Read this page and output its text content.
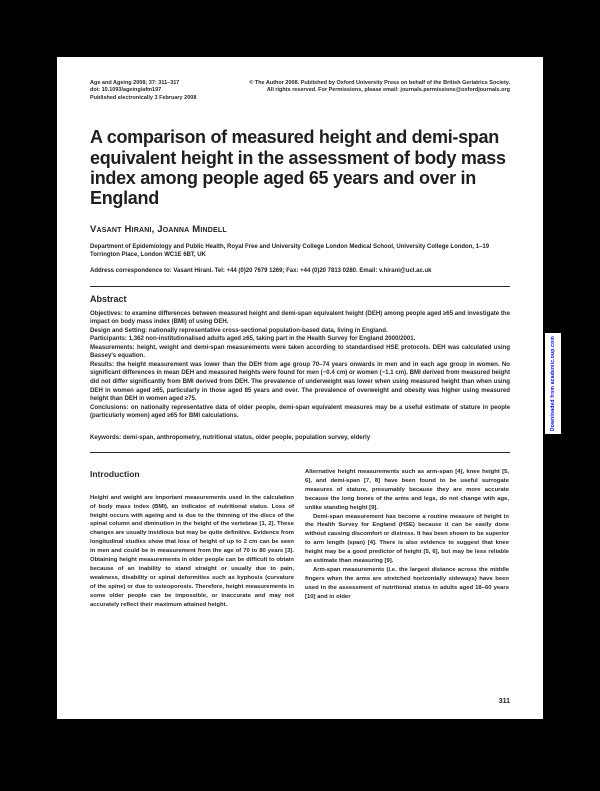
Age and Ageing 2008; 37: 311–317
doi: 10.1093/ageing/afm197
Published electronically 3 February 2008
© The Author 2008. Published by Oxford University Press on behalf of the British Geriatrics Society.
All rights reserved. For Permissions, please email: journals.permissions@oxfordjournals.org
A comparison of measured height and demi-span equivalent height in the assessment of body mass index among people aged 65 years and over in England
Vasant Hirani, Joanna Mindell
Department of Epidemiology and Public Health, Royal Free and University College London Medical School, University College London, 1–19 Torrington Place, London WC1E 6BT, UK
Address correspondence to: Vasant Hirani. Tel: +44 (0)20 7679 1269; Fax: +44 (0)20 7813 0280. Email: v.hirani@ucl.ac.uk
Abstract

Objectives: to examine differences between measured height and demi-span equivalent height (DEH) among people aged ≥65 and investigate the impact on body mass index (BMI) of using DEH.

Design and Setting: nationally representative cross-sectional population-based data, living in England.

Participants: 1,362 non-institutionalised adults aged ≥65, taking part in the Health Survey for England 2000/2001.

Measurements: height, weight and demi-span measurements were taken according to standardised HSE protocols. DEH was calculated using Bassey's equation.

Results: the height measurement was lower than the DEH from age group 70–74 years onwards in men and in each age group in women. No significant differences in mean DEH and measured heights were found for men (−0.4 cm) or women (−1.1 cm). BMI derived from measured height did not differ significantly from BMI derived from DEH. The prevalence of underweight was lower when using measured height than when using DEH in women aged ≥65, particularly in those aged 85 years and over. The prevalence of overweight and obesity was higher using measured height than DEH in women aged ≥75.

Conclusions: on nationally representative data of older people, demi-span equivalent measures may be a useful estimate of stature in people (particularly women) aged ≥65 for BMI calculations.

Keywords: demi-span, anthropometry, nutritional status, older people, population survey, elderly
Introduction

Height and weight are important measurements used in the calculation of body mass index (BMI), an indicator of nutritional status. Loss of height occurs with ageing and is due to the thinning of the discs of the spinal column and diminution in the height of the vertebrae [1, 2]. These changes are usually insidious but may be quite definitive. Evidence from longitudinal studies show that loss of height of up to 2 cm can be seen in men and could be in measurement from the age of 70 to 80 years [3]. Obtaining height measurements in older people can be difficult to obtain because of an inability to stand straight or usually due to pain, weakness, disability or spinal deformities such as kyphosis (curvature of the spine) or due to osteoporosis. Therefore, height measurements in some older people can be impossible, or inaccurate and may not accurately reflect their maximum attained height.

Alternative height measurements such as arm-span [4], knee height [5, 6], and demi-span [7, 8] have been found to be useful surrogate measures of stature, presumably because they are more accurate because the long bones of the arms and legs, do not change with age, unlike standing height [9].

Demi-span measurement has become a routine measure of height in the Health Survey for England (HSE) because it can be easily done without causing discomfort or distress. It has been shown to be superior to arm length (span) [4]. There is also evidence to suggest that knee height may be a good predictor of height [5, 6], but may be less reliable an estimate than measuring [9].

Arm-span measurements (i.e. the largest distance across the middle fingers when the arms are stretched horizontally sideways) have been used in the assessment of nutritional status in adults aged 18–60 years [10] and in older

311
Downloaded from academic.oup.com
